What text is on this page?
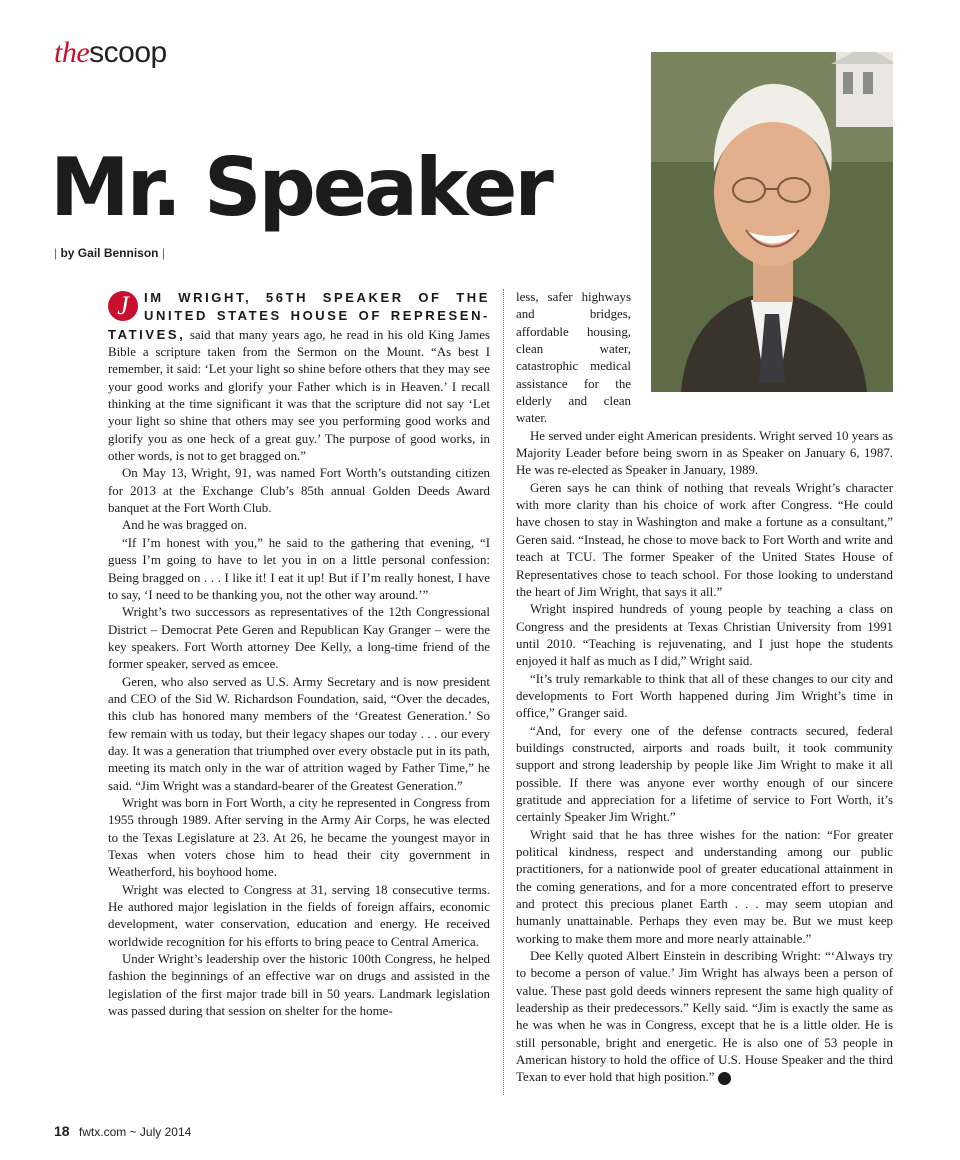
thescoop
Mr. Speaker
| by Gail Bennison |

J	IM WRIGHT, 56TH SPEAKER OF THE UNITED STATES HOUSE OF REPRESEN-TATIVES, said that many years ago, he read in his old King James Bible a scripture taken from the Sermon on the Mount. “As best I remember, it said: ‘Let your light so shine before others that they may see your good works and glorify your Father which is in Heaven.’ I recall thinking at the time significant it was that the scripture did not say ‘Let your light so shine that others may see you performing good works and glorify you as one heck of a great guy.’ The purpose of good works, in other words, is not to get bragged on.”

On May 13, Wright, 91, was named Fort Worth’s outstanding citizen for 2013 at the Exchange Club’s 85th annual Golden Deeds Award banquet at the Fort Worth Club.

And he was bragged on.

“If I’m honest with you,” he said to the gathering that evening, “I guess I’m going to have to let you in on a little personal confession: Being bragged on . . . I like it! I eat it up! But if I’m really honest, I have to say, ‘I need to be thanking you, not the other way around.’”

Wright’s two successors as representatives of the 12th Congressional District – Democrat Pete Geren and Republican Kay Granger – were the key speakers. Fort Worth attorney Dee Kelly, a long-time friend of the former speaker, served as emcee.

Geren, who also served as U.S. Army Secretary and is now president and CEO of the Sid W. Richardson Foundation, said, “Over the decades, this club has honored many members of the ‘Greatest Generation.’ So few remain with us today, but their legacy shapes our today . . . our every day. It was a generation that triumphed over every obstacle put in its path, meeting its match only in the war of attrition waged by Father Time,” he said. “Jim Wright was a standard-bearer of the Greatest Generation.”

Wright was born in Fort Worth, a city he represented in Congress from 1955 through 1989. After serving in the Army Air Corps, he was elected to the Texas Legislature at 23. At 26, he became the youngest mayor in Texas when voters chose him to head their city government in Weatherford, his boyhood home.

Wright was elected to Congress at 31, serving 18 consecutive terms. He authored major legislation in the fields of foreign affairs, economic development, water conservation, education and energy. He received worldwide recognition for his efforts to bring peace to Central America.

Under Wright’s leadership over the historic 100th Congress, he helped fashion the beginnings of an effective war on drugs and assisted in the legislation of the first major trade bill in 50 years. Landmark legislation was passed during that session on shelter for the home-

less, safer highways and bridges, affordable housing, clean water, catastrophic medical assistance for the elderly and clean water.

He served under eight American presidents. Wright served 10 years as Majority Leader before being sworn in as Speaker on January 6, 1987. He was re-elected as Speaker in January, 1989.

Geren says he can think of nothing that reveals Wright’s character with more clarity than his choice of work after Congress. “He could have chosen to stay in Washington and make a fortune as a consultant,” Geren said. “Instead, he chose to move back to Fort Worth and write and teach at TCU. The former Speaker of the United States House of Representatives chose to teach school. For those looking to understand the heart of Jim Wright, that says it all.”

Wright inspired hundreds of young people by teaching a class on Congress and the presidents at Texas Christian University from 1991 until 2010. “Teaching is rejuvenating, and I just hope the students enjoyed it half as much as I did,” Wright said.

“It’s truly remarkable to think that all of these changes to our city and developments to Fort Worth happened during Jim Wright’s time in office,” Granger said.

“And, for every one of the defense contracts secured, federal buildings constructed, airports and roads built, it took community support and strong leadership by people like Jim Wright to make it all possible. If there was anyone ever worthy enough of our sincere gratitude and appreciation for a lifetime of service to Fort Worth, it’s certainly Speaker Jim Wright.”

Wright said that he has three wishes for the nation: “For greater political kindness, respect and understanding among our public practitioners, for a nationwide pool of greater educational attainment in the coming generations, and for a more concentrated effort to preserve and protect this precious planet Earth . . . may seem utopian and humanly unattainable. Perhaps they even may be. But we must keep working to make them more and more nearly attainable.”

Dee Kelly quoted Albert Einstein in describing Wright: “‘Always try to become a person of value.’ Jim Wright has always been a person of value. These past gold deeds winners represent the same high quality of leadership as their predecessors.” Kelly said. “Jim is exactly the same as he was when he was in Congress, except that he is a little older. He is still personable, bright and energetic. He is also one of 53 people in American history to hold the office of U.S. House Speaker and the third Texan to ever hold that high position.” fw

18 fwtx.com ~ July 2014
